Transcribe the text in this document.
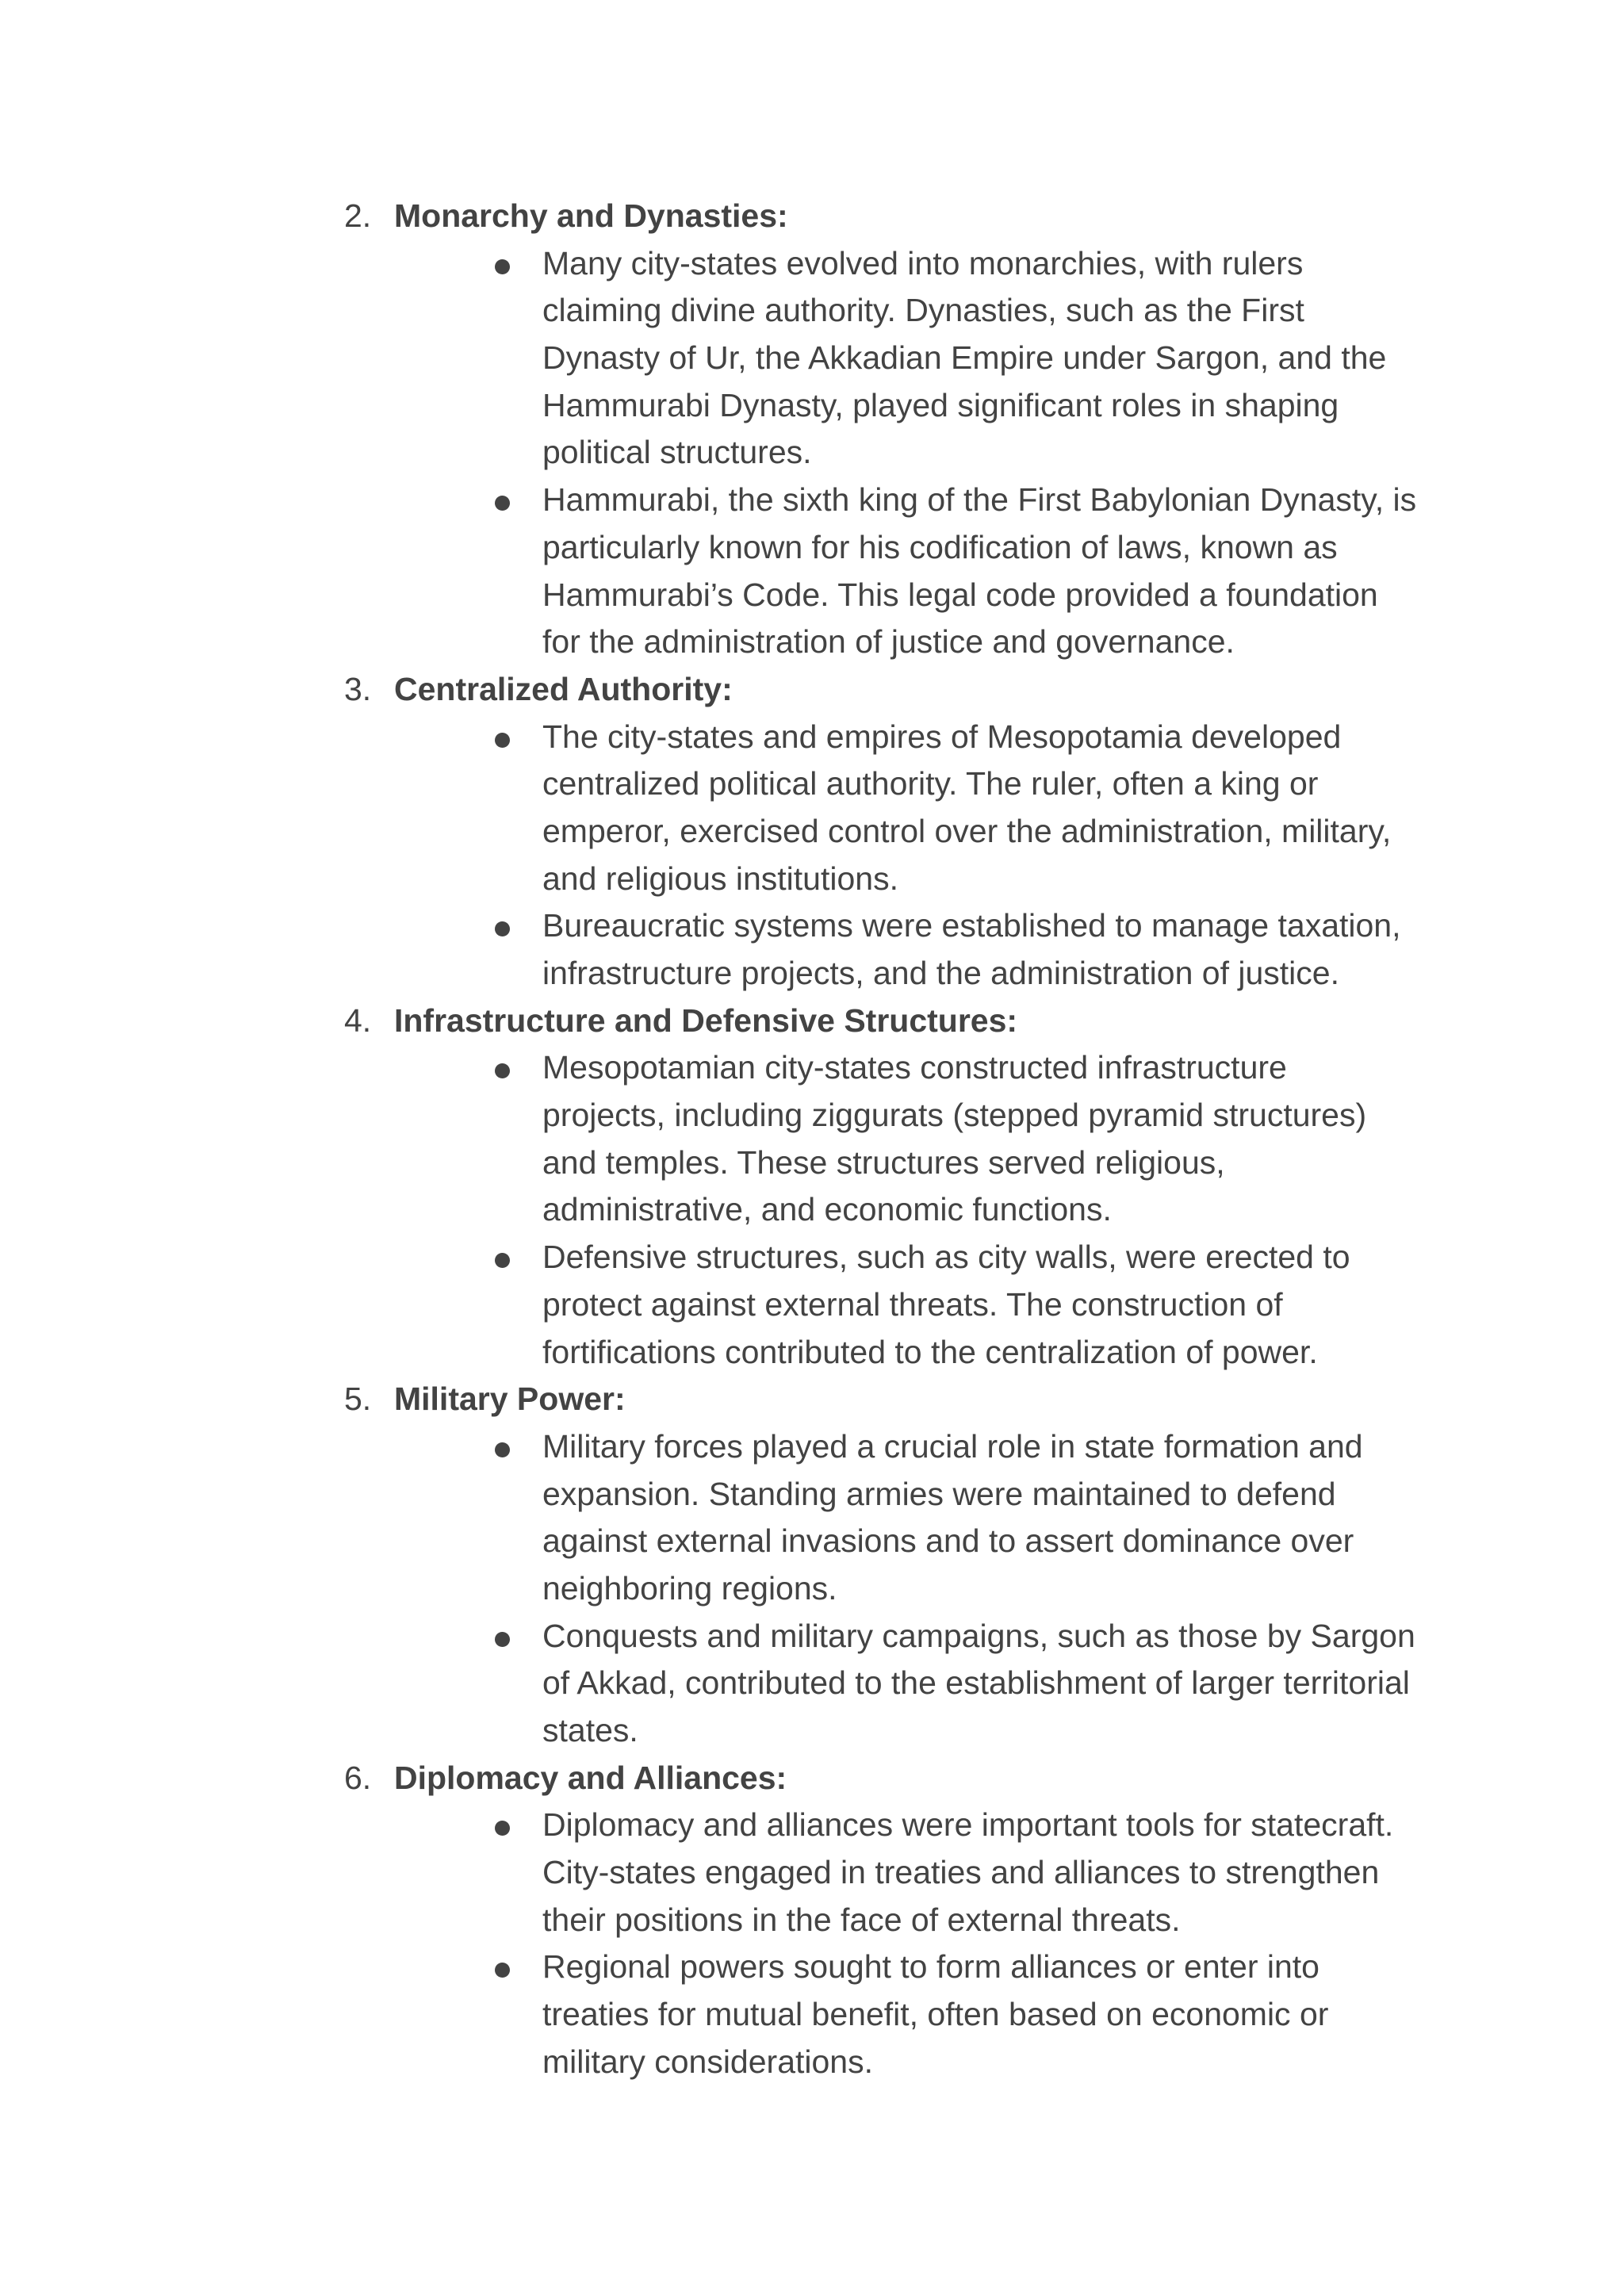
2. Monarchy and Dynasties:
Many city-states evolved into monarchies, with rulers
claiming divine authority. Dynasties, such as the First
Dynasty of Ur, the Akkadian Empire under Sargon, and the
Hammurabi Dynasty, played significant roles in shaping
political structures.
Hammurabi, the sixth king of the First Babylonian Dynasty, is
particularly known for his codification of laws, known as
Hammurabi’s Code. This legal code provided a foundation
for the administration of justice and governance.
3. Centralized Authority:
The city-states and empires of Mesopotamia developed
centralized political authority. The ruler, often a king or
emperor, exercised control over the administration, military,
and religious institutions.
Bureaucratic systems were established to manage taxation,
infrastructure projects, and the administration of justice.
4. Infrastructure and Defensive Structures:
Mesopotamian city-states constructed infrastructure
projects, including ziggurats (stepped pyramid structures)
and temples. These structures served religious,
administrative, and economic functions.
Defensive structures, such as city walls, were erected to
protect against external threats. The construction of
fortifications contributed to the centralization of power.
5. Military Power:
Military forces played a crucial role in state formation and
expansion. Standing armies were maintained to defend
against external invasions and to assert dominance over
neighboring regions.
Conquests and military campaigns, such as those by Sargon
of Akkad, contributed to the establishment of larger territorial
states.
6. Diplomacy and Alliances:
Diplomacy and alliances were important tools for statecraft.
City-states engaged in treaties and alliances to strengthen
their positions in the face of external threats.
Regional powers sought to form alliances or enter into
treaties for mutual benefit, often based on economic or
military considerations.
